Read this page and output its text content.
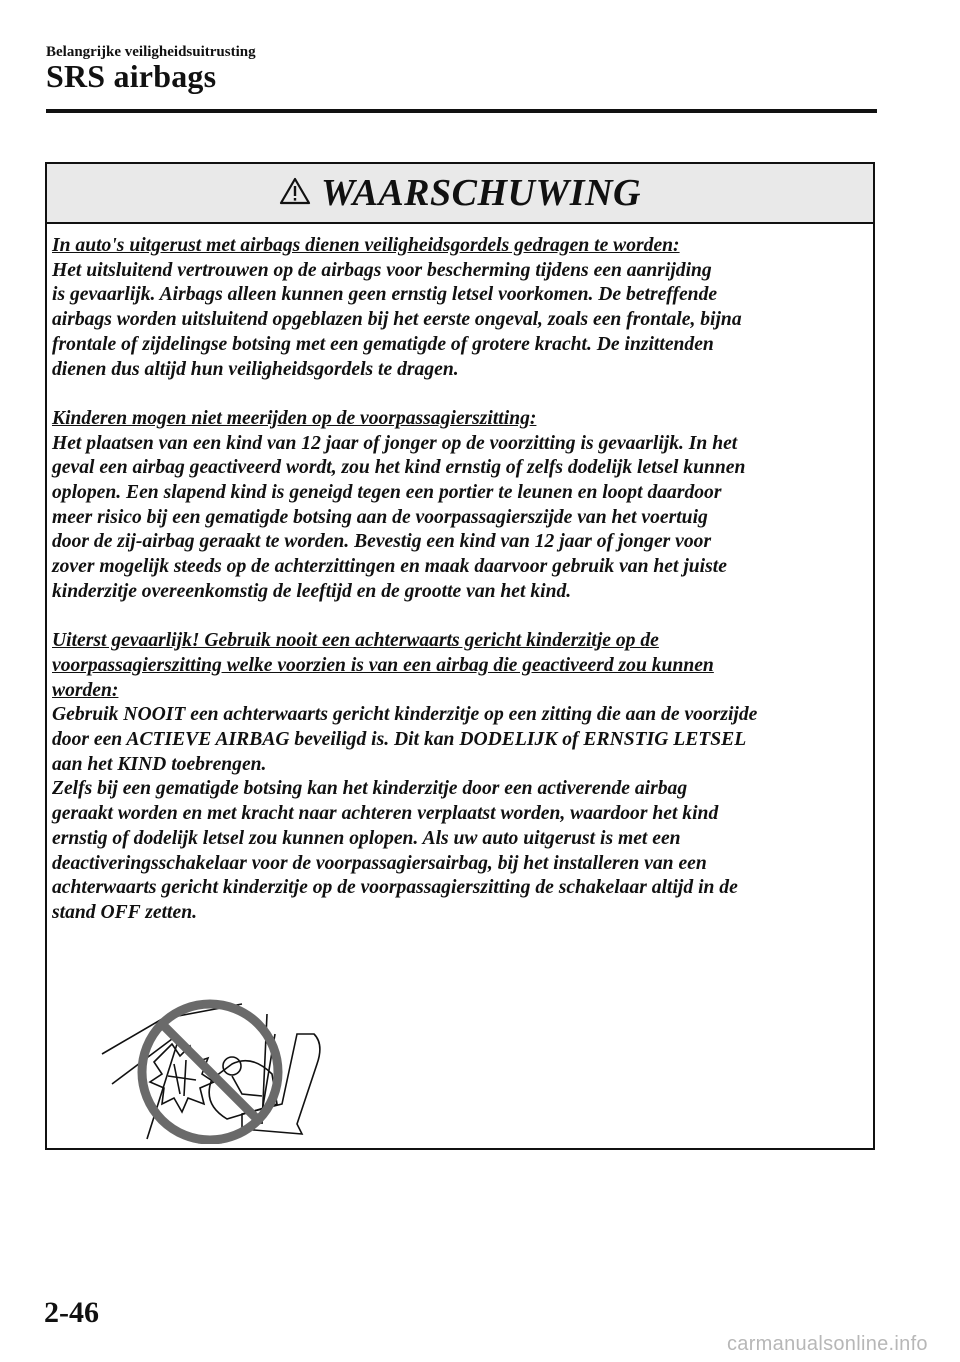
Belangrijke veiligheidsuitrusting
SRS airbags
WAARSCHUWING
In auto's uitgerust met airbags dienen veiligheidsgordels gedragen te worden:
Het uitsluitend vertrouwen op de airbags voor bescherming tijdens een aanrijding
is gevaarlijk. Airbags alleen kunnen geen ernstig letsel voorkomen. De betreffende
airbags worden uitsluitend opgeblazen bij het eerste ongeval, zoals een frontale, bijna
frontale of zijdelingse botsing met een gematigde of grotere kracht. De inzittenden
dienen dus altijd hun veiligheidsgordels te dragen.
Kinderen mogen niet meerijden op de voorpassagierszitting:
Het plaatsen van een kind van 12 jaar of jonger op de voorzitting is gevaarlijk. In het
geval een airbag geactiveerd wordt, zou het kind ernstig of zelfs dodelijk letsel kunnen
oplopen. Een slapend kind is geneigd tegen een portier te leunen en loopt daardoor
meer risico bij een gematigde botsing aan de voorpassagierszijde van het voertuig
door de zij-airbag geraakt te worden. Bevestig een kind van 12 jaar of jonger voor
zover mogelijk steeds op de achterzittingen en maak daarvoor gebruik van het juiste
kinderzitje overeenkomstig de leeftijd en de grootte van het kind.
Uiterst gevaarlijk! Gebruik nooit een achterwaarts gericht kinderzitje op de
voorpassagierszitting welke voorzien is van een airbag die geactiveerd zou kunnen
worden:
Gebruik NOOIT een achterwaarts gericht kinderzitje op een zitting die aan de voorzijde
door een ACTIEVE AIRBAG beveiligd is. Dit kan DODELIJK of ERNSTIG LETSEL
aan het KIND toebrengen.
Zelfs bij een gematigde botsing kan het kinderzitje door een activerende airbag
geraakt worden en met kracht naar achteren verplaatst worden, waardoor het kind
ernstig of dodelijk letsel zou kunnen oplopen. Als uw auto uitgerust is met een
deactiveringsschakelaar voor de voorpassagiersairbag, bij het installeren van een
achterwaarts gericht kinderzitje op de voorpassagierszitting de schakelaar altijd in de
stand OFF zetten.
2-46
carmanualsonline.info
